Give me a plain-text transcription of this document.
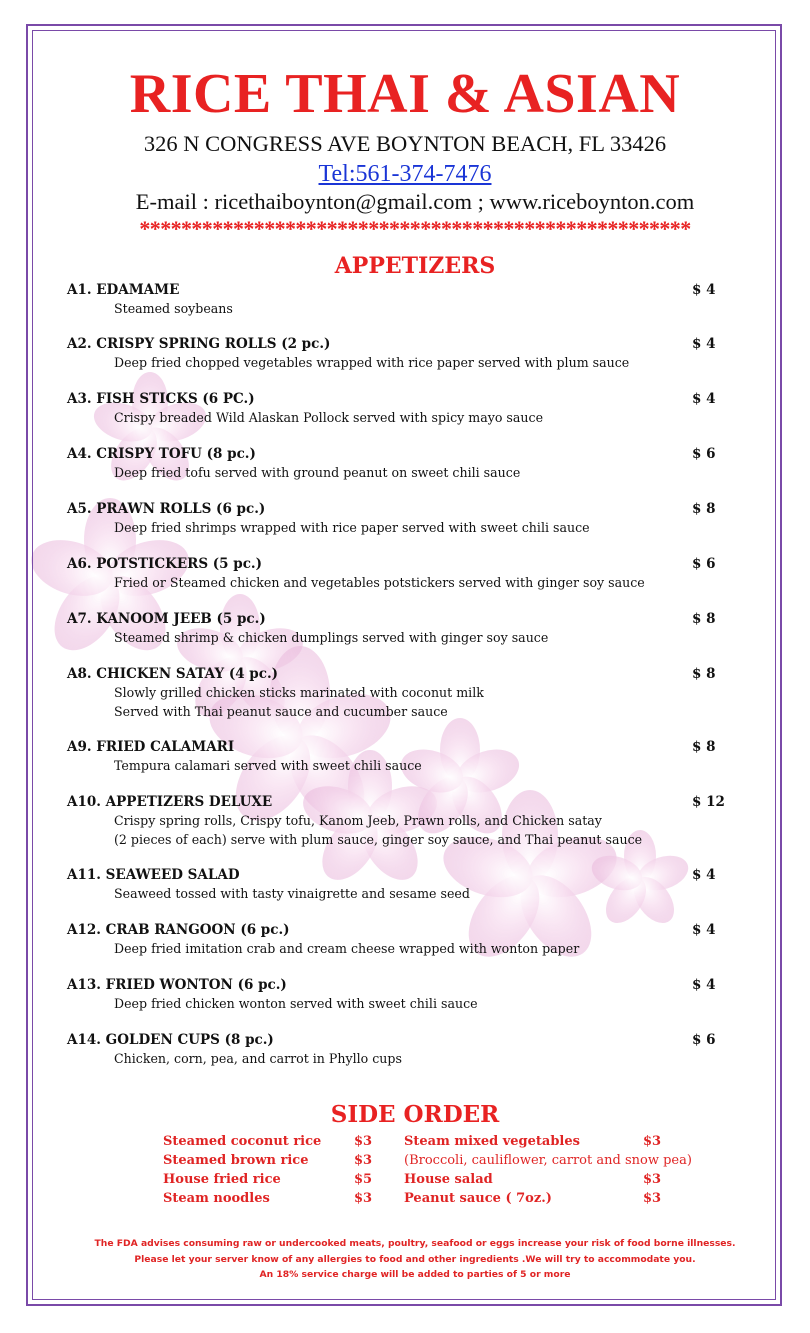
RICE THAI & ASIAN
326 N CONGRESS AVE BOYNTON BEACH, FL 33426
Tel:561-374-7476
E-mail : ricethaiboynton@gmail.com ; www.riceboynton.com
*****************************************************
APPETIZERS
A1. EDAMAME	$ 4
Steamed soybeans
A2. CRISPY SPRING ROLLS (2 pc.)	$ 4
Deep fried chopped vegetables wrapped with rice paper served with plum sauce
A3. FISH STICKS (6 PC.)	$ 4
Crispy breaded Wild Alaskan Pollock served with spicy mayo sauce
A4. CRISPY TOFU (8 pc.)	$ 6
Deep fried tofu served with ground peanut on sweet chili sauce
A5. PRAWN ROLLS (6 pc.)	$ 8
Deep fried shrimps wrapped with rice paper served with sweet chili sauce
A6. POTSTICKERS (5 pc.)	$ 6
Fried or Steamed chicken and vegetables potstickers served with ginger soy sauce
A7. KANOOM JEEB (5 pc.)	$ 8
Steamed shrimp & chicken dumplings served with ginger soy sauce
A8. CHICKEN SATAY (4 pc.)	$ 8
Slowly grilled chicken sticks marinated with coconut milk
Served with Thai peanut sauce and cucumber sauce
A9. FRIED CALAMARI	$ 8
Tempura calamari served with sweet chili sauce
A10. APPETIZERS DELUXE	$ 12
Crispy spring rolls, Crispy tofu, Kanom Jeeb, Prawn rolls, and Chicken satay
(2 pieces of each) serve with plum sauce, ginger soy sauce, and Thai peanut sauce
A11. SEAWEED SALAD	$ 4
Seaweed tossed with tasty vinaigrette and sesame seed
A12. CRAB RANGOON (6 pc.)	$ 4
Deep fried imitation crab and cream cheese wrapped with wonton paper
A13. FRIED WONTON (6 pc.)	$ 4
Deep fried chicken wonton served with sweet chili sauce
A14. GOLDEN CUPS (8 pc.)	$ 6
Chicken, corn, pea, and carrot in Phyllo cups
SIDE ORDER
Steamed coconut rice	$3
Steamed brown rice	$3
House fried rice	$5
Steam noodles	$3
Steam mixed vegetables	$3
(Broccoli, cauliflower, carrot and snow pea)
House salad	$3
Peanut sauce ( 7oz.)	$3
The FDA advises consuming raw or undercooked meats, poultry, seafood or eggs increase your risk of food borne illnesses.
Please let your server know of any allergies to food and other ingredients .We will try to accommodate you.
An 18% service charge will be added to parties of 5 or more
